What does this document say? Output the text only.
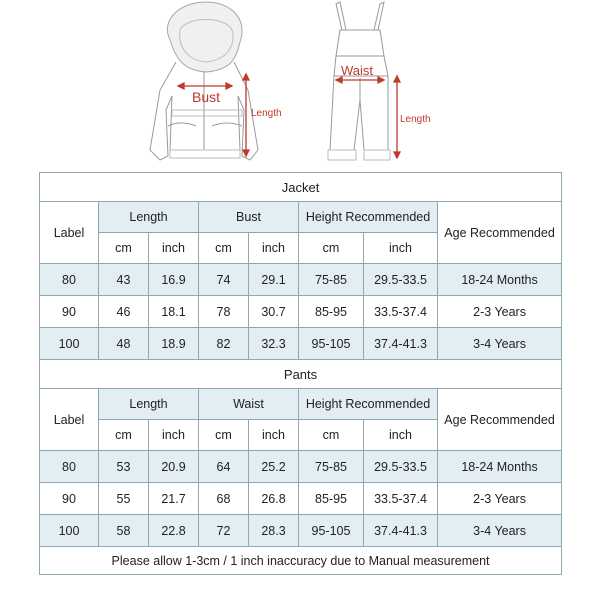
Bust
Length
Waist
Length
Jacket							
Label	Length		Bust		Height Recommended		Age Recommended
	cm	inch	cm	inch	cm	inch	
80	43	16.9	74	29.1	75-85	29.5-33.5	18-24 Months
90	46	18.1	78	30.7	85-95	33.5-37.4	2-3 Years
100	48	18.9	82	32.3	95-105	37.4-41.3	3-4 Years
Pants							
Label	Length		Waist		Height Recommended		Age Recommended
	cm	inch	cm	inch	cm	inch	
80	53	20.9	64	25.2	75-85	29.5-33.5	18-24 Months
90	55	21.7	68	26.8	85-95	33.5-37.4	2-3 Years
100	58	22.8	72	28.3	95-105	37.4-41.3	3-4 Years
Please allow 1-3cm / 1 inch inaccuracy due to Manual measurement							
